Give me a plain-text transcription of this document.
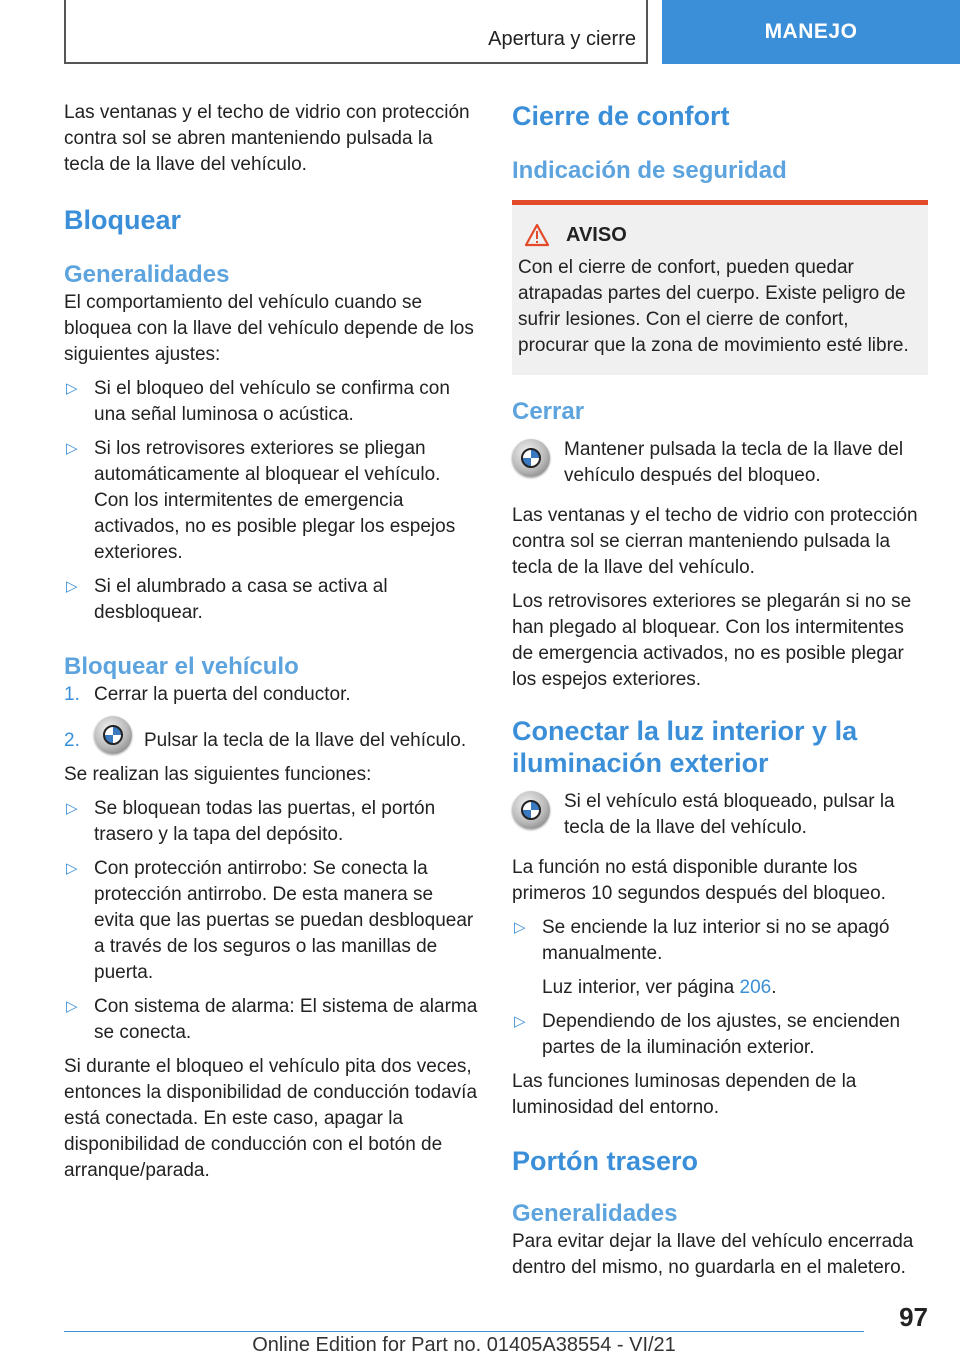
Apertura y cierre	MANEJO

Las ventanas y el techo de vidrio con protección contra sol se abren manteniendo pulsada la tecla de la llave del vehículo.

Bloquear
Generalidades

El comportamiento del vehículo cuando se bloquea con la llave del vehículo depende de los siguientes ajustes:

▷ Si el bloqueo del vehículo se confirma con una señal luminosa o acústica.
▷ Si los retrovisores exteriores se pliegan automáticamente al bloquear el vehículo. Con los intermitentes de emergencia activados, no es posible plegar los espejos exteriores.
▷ Si el alumbrado a casa se activa al desbloquear.
Bloquear el vehículo
1. Cerrar la puerta del conductor.
2.	Pulsar la tecla de la llave del vehículo.

Se realizan las siguientes funciones:

▷ Se bloquean todas las puertas, el portón trasero y la tapa del depósito.
▷ Con protección antirrobo: Se conecta la protección antirrobo. De esta manera se evita que las puertas se puedan desbloquear a través de los seguros o las manillas de puerta.
▷ Con sistema de alarma: El sistema de alarma se conecta.

Si durante el bloqueo el vehículo pita dos veces, entonces la disponibilidad de conducción todavía está conectada. En este caso, apagar la disponibilidad de conducción con el botón de arranque/parada.

Cierre de confort
Indicación de seguridad
AVISO

Con el cierre de confort, pueden quedar atrapadas partes del cuerpo. Existe peligro de sufrir lesiones. Con el cierre de confort, procurar que la zona de movimiento esté libre.

Cerrar
Mantener pulsada la tecla de la llave del vehículo después del bloqueo.

Las ventanas y el techo de vidrio con protección contra sol se cierran manteniendo pulsada la tecla de la llave del vehículo.

Los retrovisores exteriores se plegarán si no se han plegado al bloquear. Con los intermitentes de emergencia activados, no es posible plegar los espejos exteriores.

Conectar la luz interior y la iluminación exterior
Si el vehículo está bloqueado, pulsar la tecla de la llave del vehículo.

La función no está disponible durante los primeros 10 segundos después del bloqueo.

▷ Se enciende la luz interior si no se apagó manualmente.

Luz interior, ver página 206.

▷ Dependiendo de los ajustes, se encienden partes de la iluminación exterior.

Las funciones luminosas dependen de la luminosidad del entorno.

Portón trasero
Generalidades

Para evitar dejar la llave del vehículo encerrada dentro del mismo, no guardarla en el maletero.

97
Online Edition for Part no. 01405A38554 - VI/21
